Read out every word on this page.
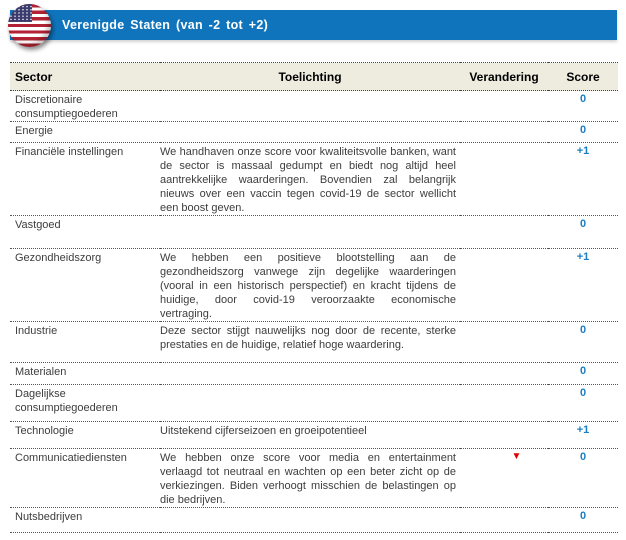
Verenigde Staten (van -2 tot +2)
Sector	Toelichting	Verandering	Score
Discretionaire consumptiegoederen			0
Energie			0
Financiële instellingen	We handhaven onze score voor kwaliteitsvolle banken, want de sector is massaal gedumpt en biedt nog altijd heel aantrekkelijke waarderingen. Bovendien zal belangrijk nieuws over een vaccin tegen covid-19 de sector wellicht een boost geven.		+1
Vastgoed			0
Gezondheidszorg	We hebben een positieve blootstelling aan de gezondheidszorg vanwege zijn degelijke waarderingen (vooral in een historisch perspectief) en kracht tijdens de huidige, door covid-19 veroorzaakte economische vertraging.		+1
Industrie	Deze sector stijgt nauwelijks nog door de recente, sterke prestaties en de huidige, relatief hoge waardering.		0
Materialen			0
Dagelijkse consumptiegoederen			0
Technologie	Uitstekend cijferseizoen en groeipotentieel		+1
Communicatiediensten	We hebben onze score voor media en entertainment verlaagd tot neutraal en wachten op een beter zicht op de verkiezingen. Biden verhoogt misschien de belastingen op die bedrijven.	▼	0
Nutsbedrijven			0
